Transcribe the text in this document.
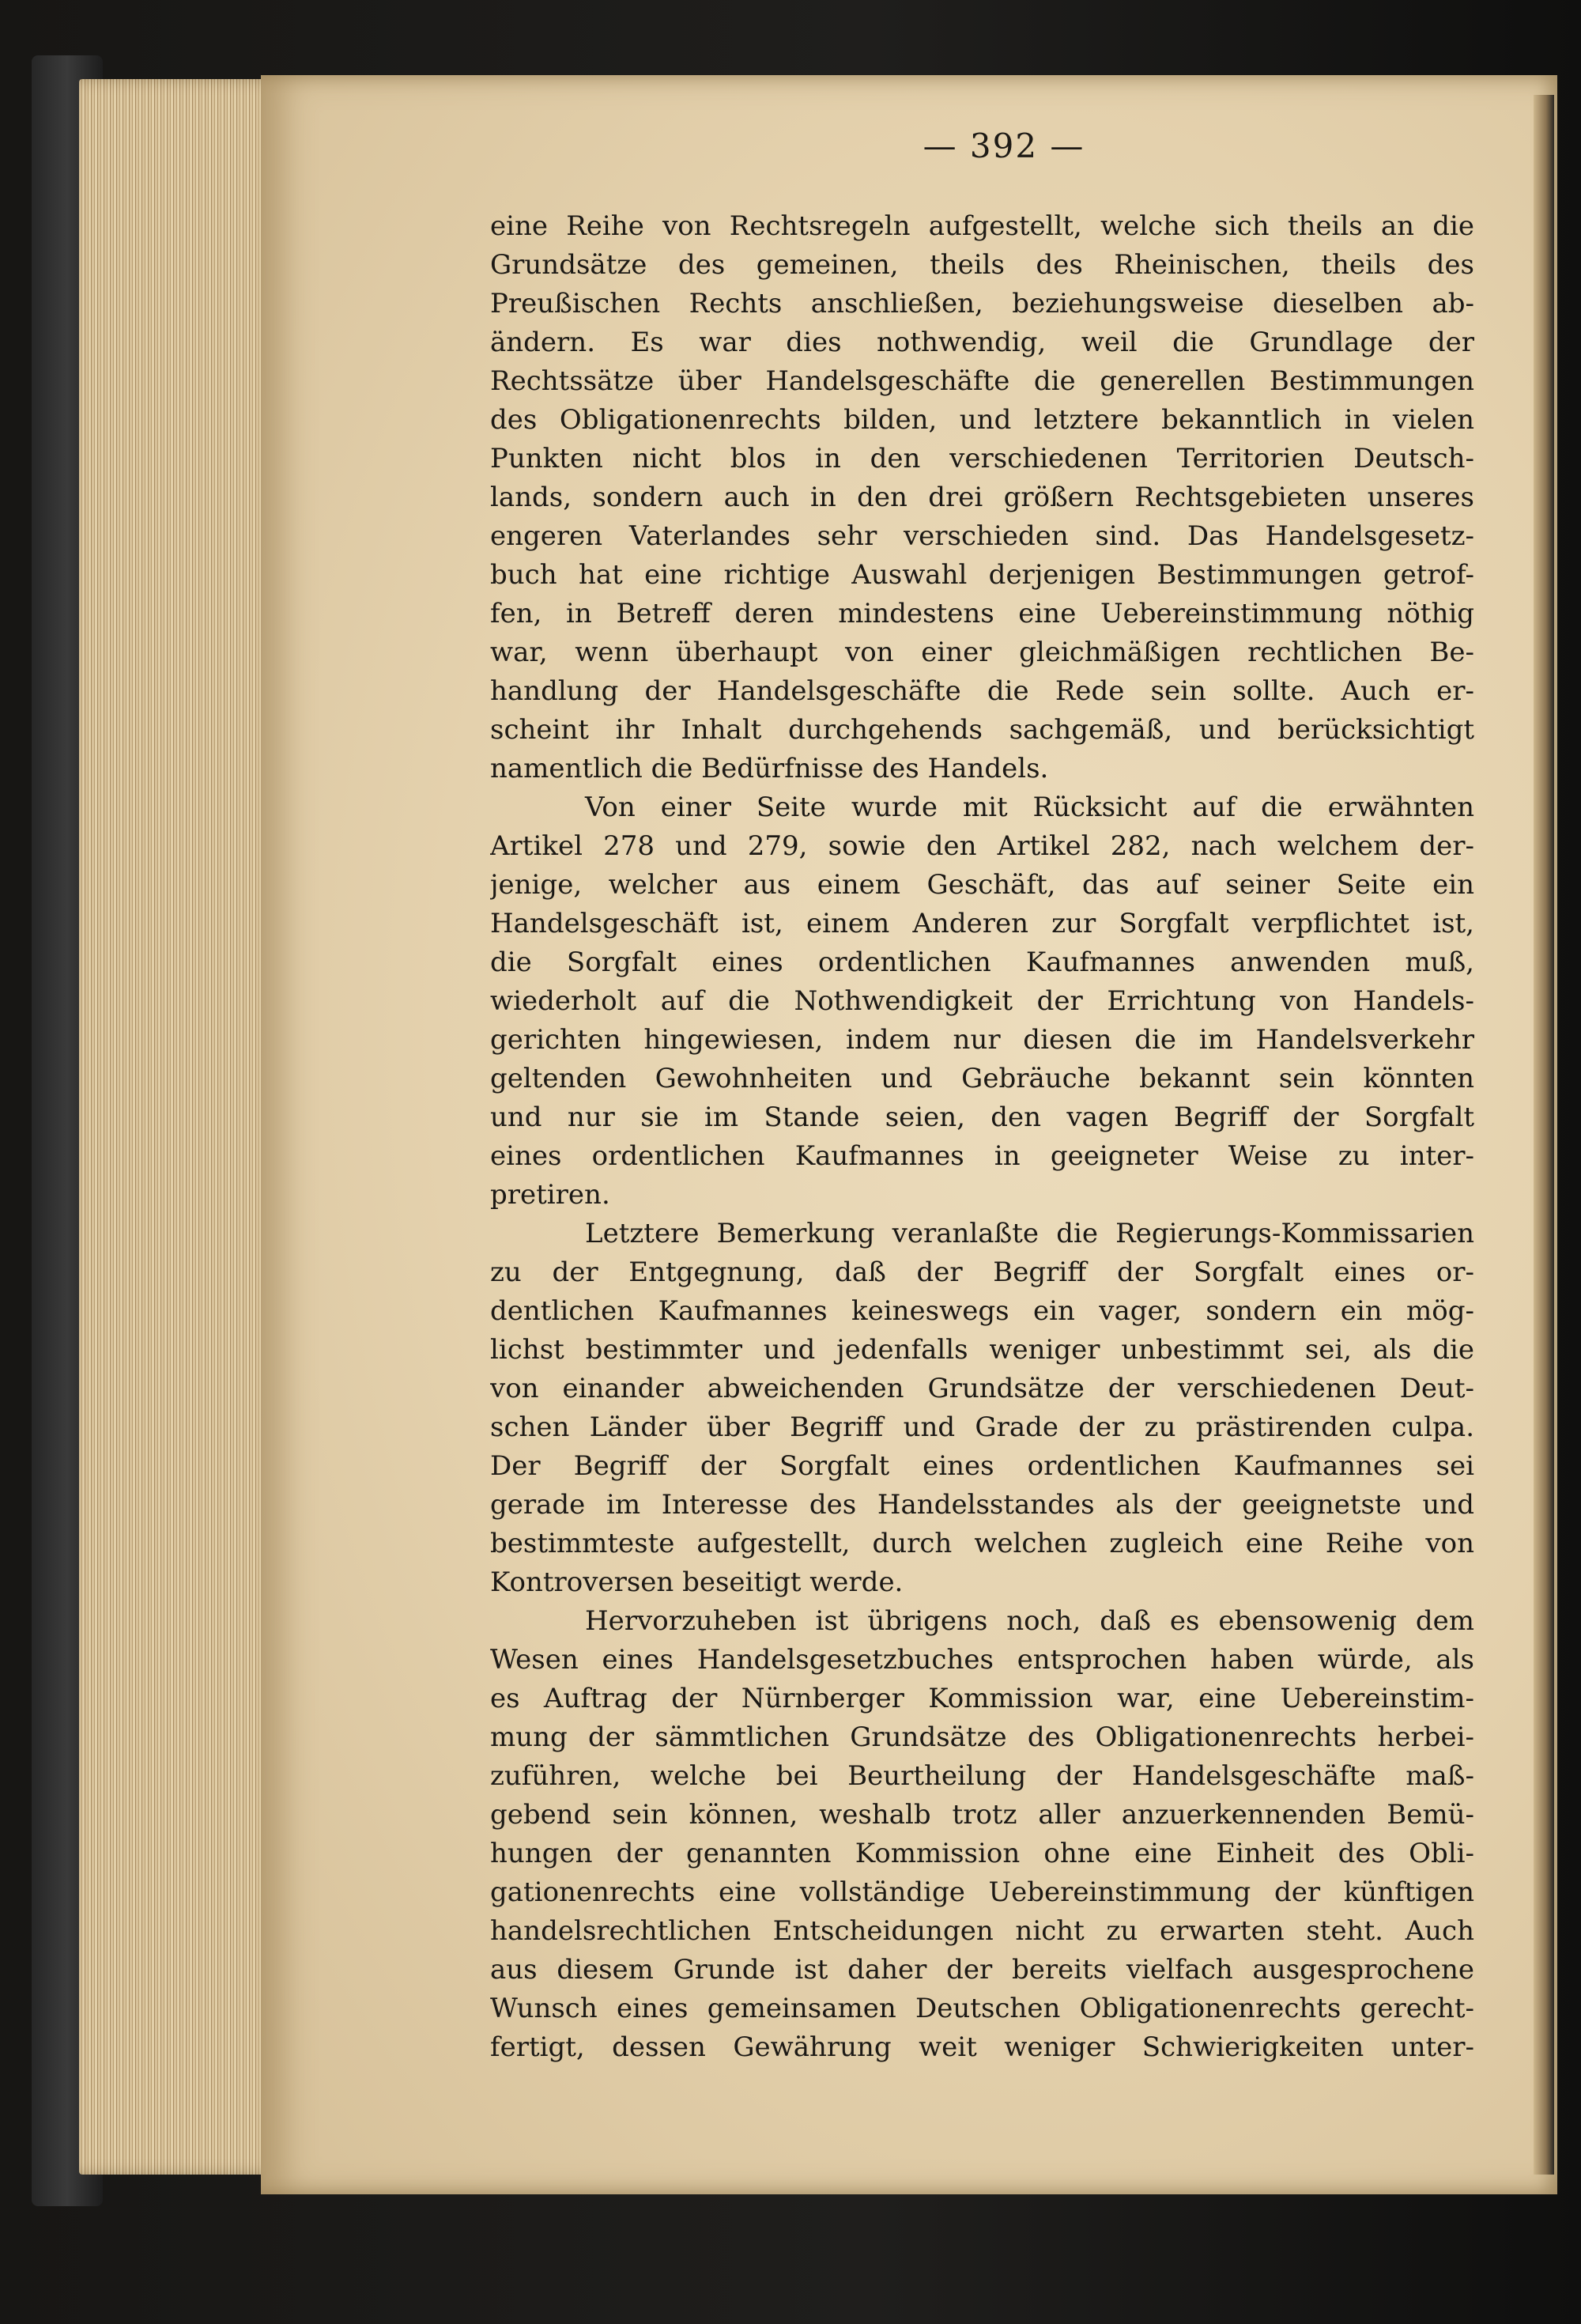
— 392 —
eine Reihe von Rechtsregeln aufgestellt, welche sich theils an die
Grundsätze des gemeinen, theils des Rheinischen, theils des
Preußischen Rechts anschließen, beziehungsweise dieselben ab-
ändern. Es war dies nothwendig, weil die Grundlage der
Rechtssätze über Handelsgeschäfte die generellen Bestimmungen
des Obligationenrechts bilden, und letztere bekanntlich in vielen
Punkten nicht blos in den verschiedenen Territorien Deutsch-
lands, sondern auch in den drei größern Rechtsgebieten unseres
engeren Vaterlandes sehr verschieden sind. Das Handelsgesetz-
buch hat eine richtige Auswahl derjenigen Bestimmungen getrof-
fen, in Betreff deren mindestens eine Uebereinstimmung nöthig
war, wenn überhaupt von einer gleichmäßigen rechtlichen Be-
handlung der Handelsgeschäfte die Rede sein sollte. Auch er-
scheint ihr Inhalt durchgehends sachgemäß, und berücksichtigt
namentlich die Bedürfnisse des Handels.
Von einer Seite wurde mit Rücksicht auf die erwähnten
Artikel 278 und 279, sowie den Artikel 282, nach welchem der-
jenige, welcher aus einem Geschäft, das auf seiner Seite ein
Handelsgeschäft ist, einem Anderen zur Sorgfalt verpflichtet ist,
die Sorgfalt eines ordentlichen Kaufmannes anwenden muß,
wiederholt auf die Nothwendigkeit der Errichtung von Handels-
gerichten hingewiesen, indem nur diesen die im Handelsverkehr
geltenden Gewohnheiten und Gebräuche bekannt sein könnten
und nur sie im Stande seien, den vagen Begriff der Sorgfalt
eines ordentlichen Kaufmannes in geeigneter Weise zu inter-
pretiren.
Letztere Bemerkung veranlaßte die Regierungs-Kommissarien
zu der Entgegnung, daß der Begriff der Sorgfalt eines or-
dentlichen Kaufmannes keineswegs ein vager, sondern ein mög-
lichst bestimmter und jedenfalls weniger unbestimmt sei, als die
von einander abweichenden Grundsätze der verschiedenen Deut-
schen Länder über Begriff und Grade der zu prästirenden culpa.
Der Begriff der Sorgfalt eines ordentlichen Kaufmannes sei
gerade im Interesse des Handelsstandes als der geeignetste und
bestimmteste aufgestellt, durch welchen zugleich eine Reihe von
Kontroversen beseitigt werde.
Hervorzuheben ist übrigens noch, daß es ebensowenig dem
Wesen eines Handelsgesetzbuches entsprochen haben würde, als
es Auftrag der Nürnberger Kommission war, eine Uebereinstim-
mung der sämmtlichen Grundsätze des Obligationenrechts herbei-
zuführen, welche bei Beurtheilung der Handelsgeschäfte maß-
gebend sein können, weshalb trotz aller anzuerkennenden Bemü-
hungen der genannten Kommission ohne eine Einheit des Obli-
gationenrechts eine vollständige Uebereinstimmung der künftigen
handelsrechtlichen Entscheidungen nicht zu erwarten steht. Auch
aus diesem Grunde ist daher der bereits vielfach ausgesprochene
Wunsch eines gemeinsamen Deutschen Obligationenrechts gerecht-
fertigt, dessen Gewährung weit weniger Schwierigkeiten unter-
